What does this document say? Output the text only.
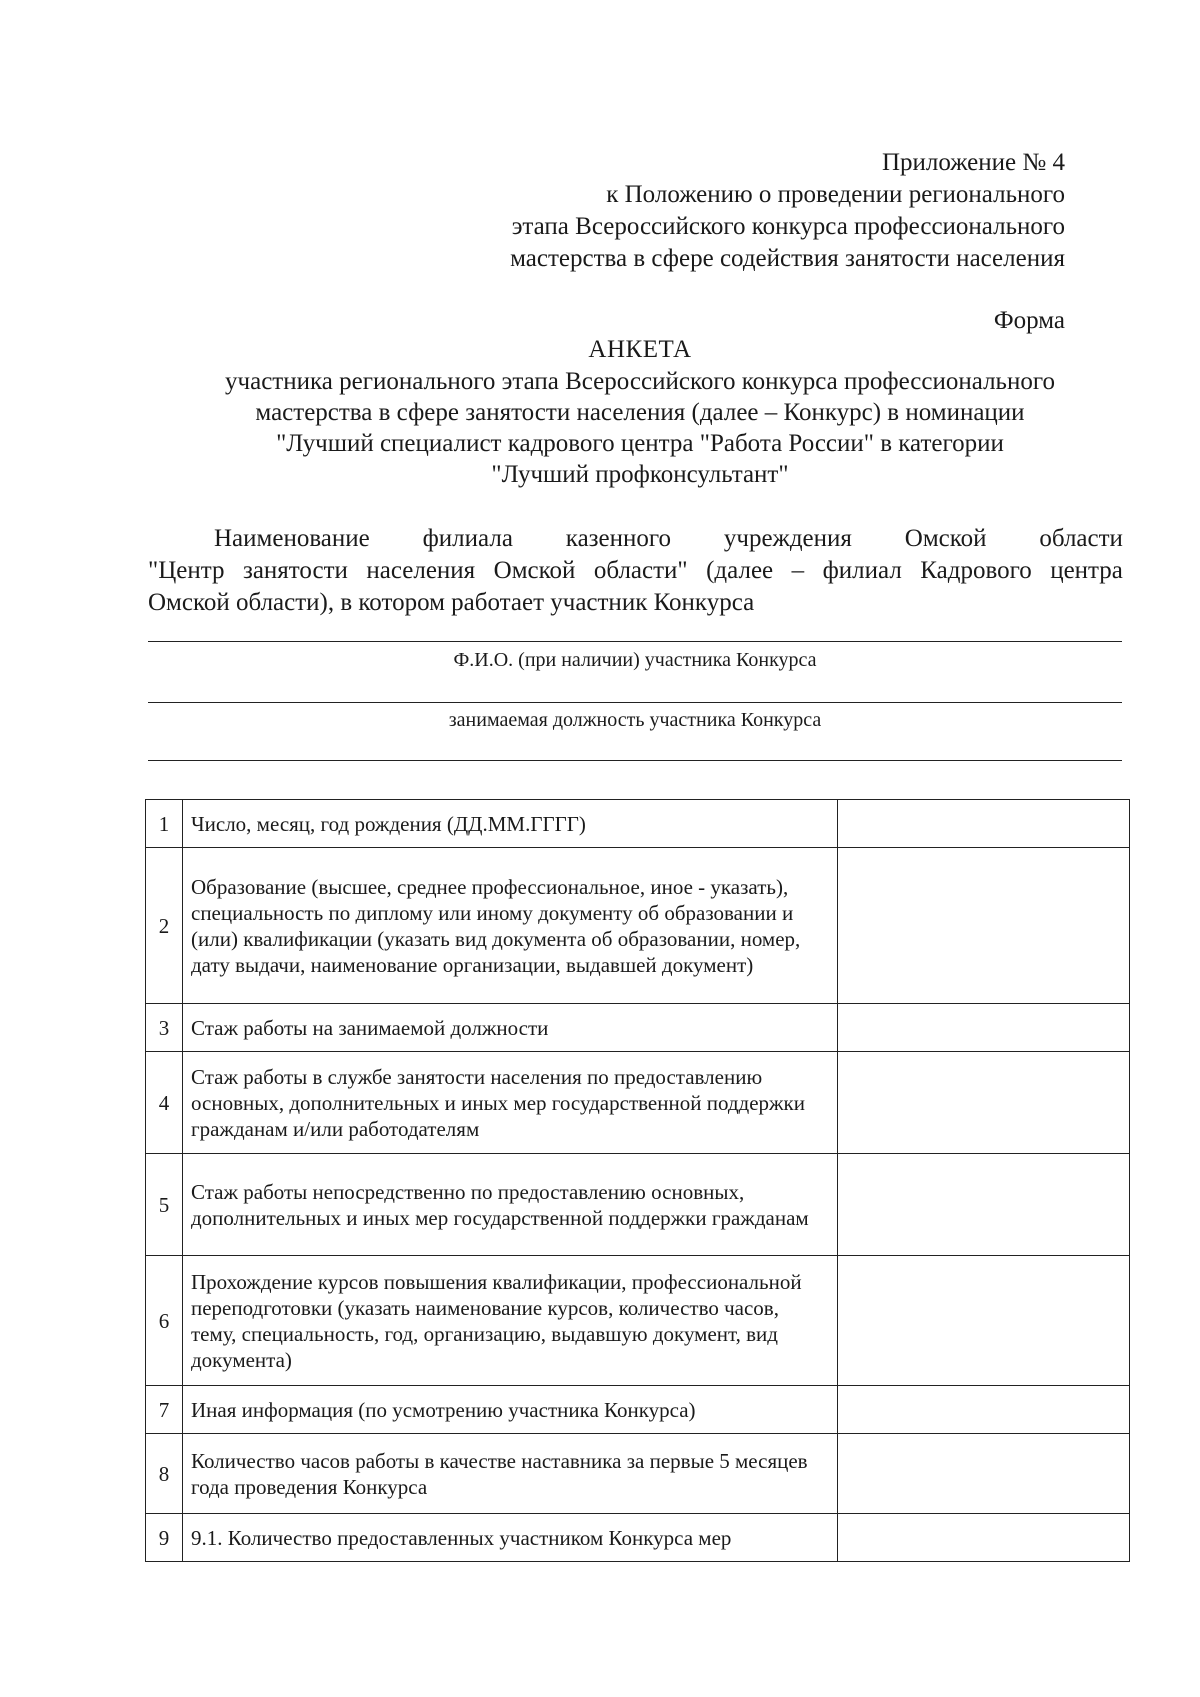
Приложение № 4
к Положению о проведении регионального
этапа Всероссийского конкурса профессионального
мастерства в сфере содействия занятости населения
Форма
АНКЕТА
участника регионального этапа Всероссийского конкурса профессионального
мастерства в сфере занятости населения (далее – Конкурс) в номинации
"Лучший специалист кадрового центра "Работа России" в категории
"Лучший профконсультант"
Наименование филиала казенного учреждения Омской области
"Центр занятости населения Омской области" (далее – филиал Кадрового центра
Омской области), в котором работает участник Конкурса
Ф.И.О. (при наличии) участника Конкурса
занимаемая должность участника Конкурса
1	Число, месяц, год рождения (ДД.ММ.ГГГГ)	
2	Образование (высшее, среднее профессиональное, иное - указать), специальность по диплому или иному документу об образовании и (или) квалификации (указать вид документа об образовании, номер, дату выдачи, наименование организации, выдавшей документ)	
3	Стаж работы на занимаемой должности	
4	Стаж работы в службе занятости населения по предоставлению основных, дополнительных и иных мер государственной поддержки гражданам и/или работодателям	
5	Стаж работы непосредственно по предоставлению основных, дополнительных и иных мер государственной поддержки гражданам	
6	Прохождение курсов повышения квалификации, профессиональной переподготовки (указать наименование курсов, количество часов, тему, специальность, год, организацию, выдавшую документ, вид документа)	
7	Иная информация (по усмотрению участника Конкурса)	
8	Количество часов работы в качестве наставника за первые 5 месяцев года проведения Конкурса	
9	9.1. Количество предоставленных участником Конкурса мер	
